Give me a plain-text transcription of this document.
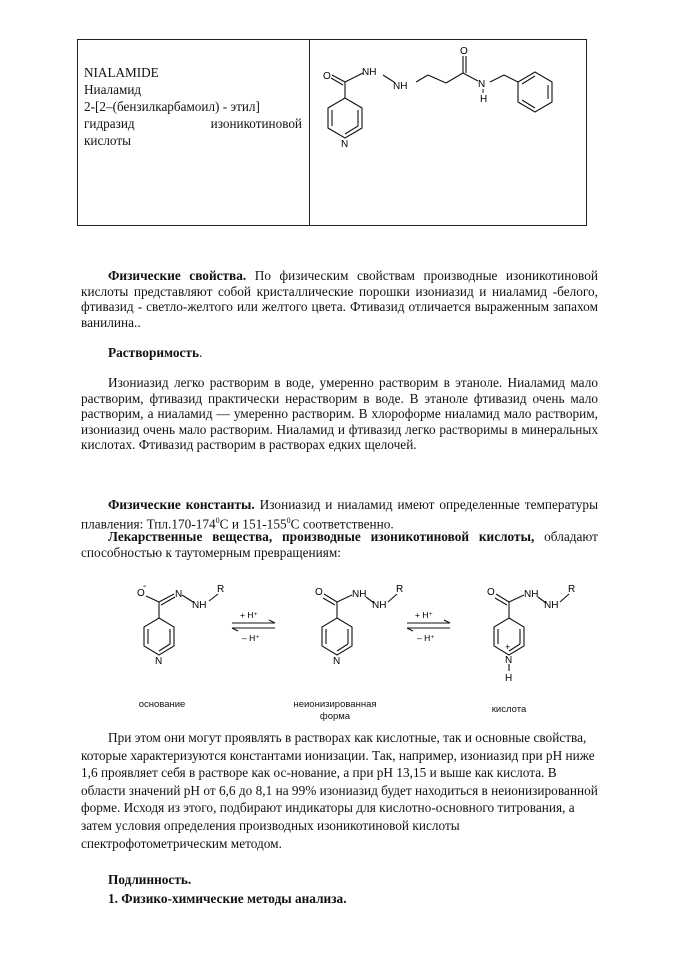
NIALAMIDE
Ниаламид
2-[2–(бензилкарбамоил) - этил]
гидразид	изоникотиновой
кислоты
O	NH
NH
O
N
H
N

Физические свойства. По физическим свойствам производные изоникотиновой кислоты представляют собой кристаллические порошки изониазид и ниаламид -белого, фтивазид - светло-желтого или желтого цвета. Фтивазид отличается выраженным запахом ванилина..

Растворимость.

Изониазид легко растворим в воде, умеренно растворим в этаноле. Ниаламид мало растворим, фтивазид практически нерастворим в воде. В этаноле фтивазид очень мало растворим, а ниаламид — умеренно растворим. В хлороформе ниаламид мало растворим, изониазид очень мало растворим. Ниаламид и фтивазид легко растворимы в минеральных кислотах. Фтивазид растворим в растворах едких щелочей.

Физические константы. Изониазид и ниаламид имеют определенные температуры плавления: $Тпл.170-174^0С$ и $151-155^0С$ соответственно.

Лекарственные вещества, производные изоникотиновой кислоты, обладают способностью к таутомерным превращениям:

O
-
N
NH
R
N
+ H⁺
– H⁺
O	NH
NH
R
N
+ H⁺
– H⁺
O	NH
NH
R
+
N
H
основание	неионизированная
форма
кислота

При этом они могут проявлять в растворах как кислотные, так и основные свойства, которые характеризуются константами ионизации. Так, например, изониазид при pH ниже 1,6 проявляет себя в растворе как ос-нование, а при pH 13,15 и выше как кислота. В области значений pH от 6,6 до 8,1 на 99% изониазид будет находиться в неионизированной форме. Исходя из этого, подбирают индикаторы для кислотно-основного титрования, а затем условия определения производных изоникотиновой кислоты спектрофотометрическим методом.

Подлинность.

1. Физико-химические методы анализа.
